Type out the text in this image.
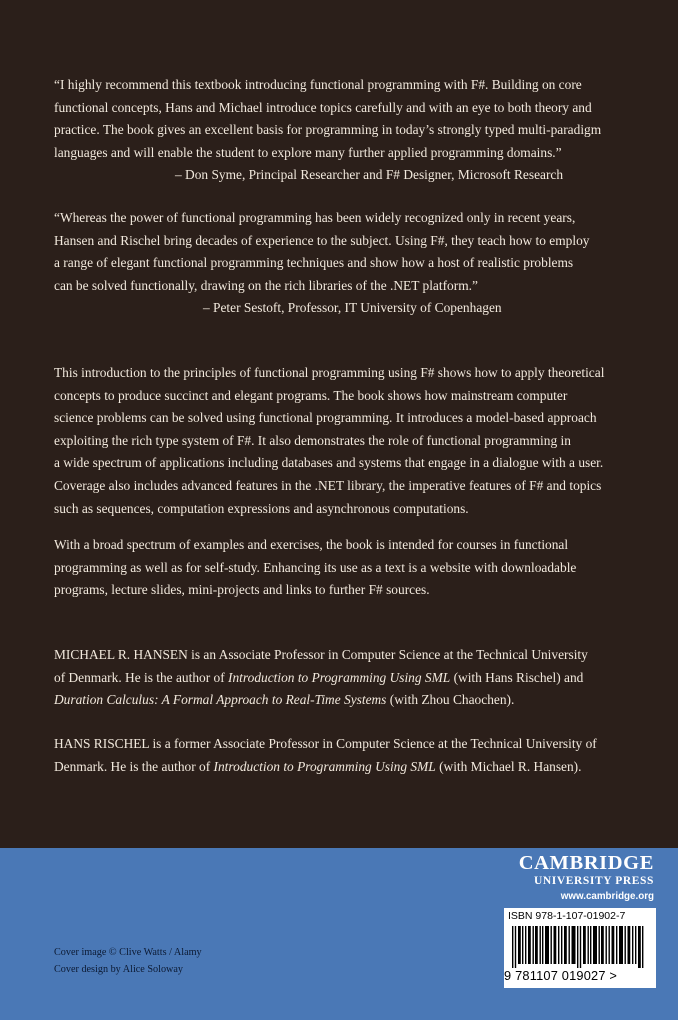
“I highly recommend this textbook introducing functional programming with F#. Building on core
functional concepts, Hans and Michael introduce topics carefully and with an eye to both theory and
practice. The book gives an excellent basis for programming in today’s strongly typed multi-paradigm
languages and will enable the student to explore many further applied programming domains.”
– Don Syme, Principal Researcher and F# Designer, Microsoft Research
“Whereas the power of functional programming has been widely recognized only in recent years,
Hansen and Rischel bring decades of experience to the subject. Using F#, they teach how to employ
a range of elegant functional programming techniques and show how a host of realistic problems
can be solved functionally, drawing on the rich libraries of the .NET platform.”
– Peter Sestoft, Professor, IT University of Copenhagen
This introduction to the principles of functional programming using F# shows how to apply theoretical
concepts to produce succinct and elegant programs. The book shows how mainstream computer
science problems can be solved using functional programming. It introduces a model-based approach
exploiting the rich type system of F#. It also demonstrates the role of functional programming in
a wide spectrum of applications including databases and systems that engage in a dialogue with a user.
Coverage also includes advanced features in the .NET library, the imperative features of F# and topics
such as sequences, computation expressions and asynchronous computations.
With a broad spectrum of examples and exercises, the book is intended for courses in functional
programming as well as for self-study. Enhancing its use as a text is a website with downloadable
programs, lecture slides, mini-projects and links to further F# sources.
MICHAEL R. HANSEN is an Associate Professor in Computer Science at the Technical University
of Denmark. He is the author of Introduction to Programming Using SML (with Hans Rischel) and
Duration Calculus: A Formal Approach to Real-Time Systems (with Zhou Chaochen).
HANS RISCHEL is a former Associate Professor in Computer Science at the Technical University of
Denmark. He is the author of Introduction to Programming Using SML (with Michael R. Hansen).
Cover image © Clive Watts / Alamy
Cover design by Alice Soloway
CAMBRIDGE
UNIVERSITY PRESS
www.cambridge.org
ISBN 978-1-107-01902-7
9 781107 019027 >
